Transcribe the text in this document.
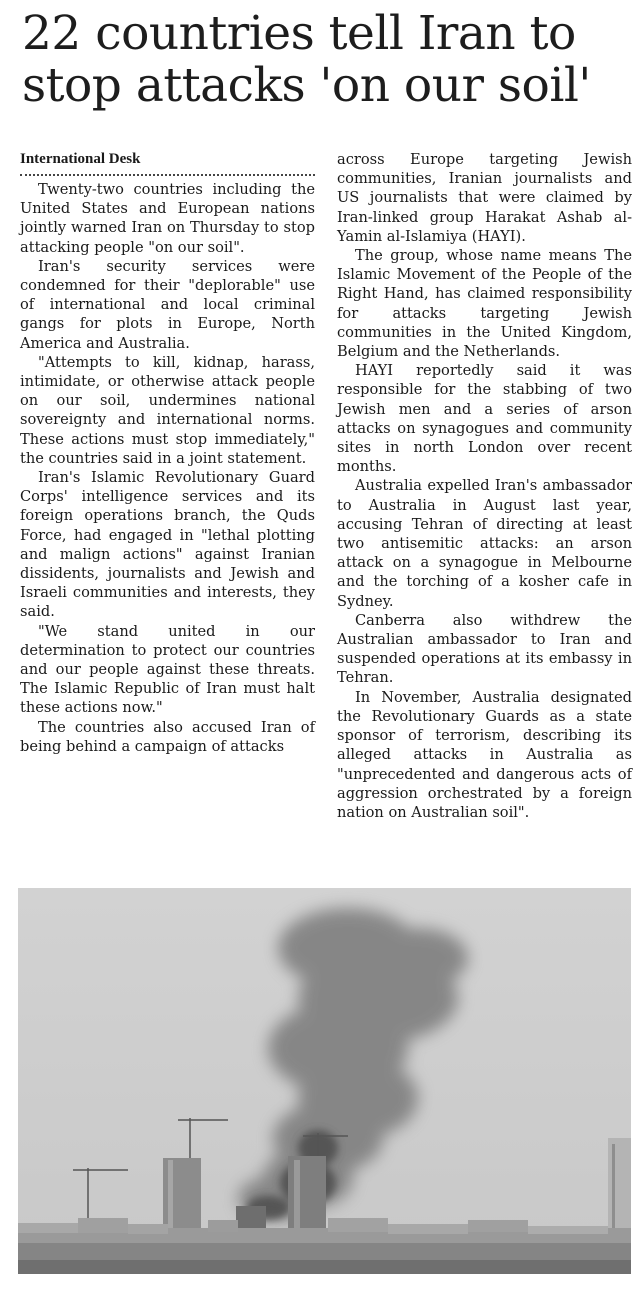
22 countries tell Iran to stop attacks 'on our soil'
International Desk

Twenty-two countries including the United States and European nations jointly warned Iran on Thursday to stop attacking people "on our soil".

Iran's security services were condemned for their "deplorable" use of international and local criminal gangs for plots in Europe, North America and Australia.

"Attempts to kill, kidnap, harass, intimidate, or otherwise attack people on our soil, undermines national sovereignty and international norms. These actions must stop immediately," the countries said in a joint statement.

Iran's Islamic Revolutionary Guard Corps' intelligence services and its foreign operations branch, the Quds Force, had engaged in "lethal plotting and malign actions" against Iranian dissidents, journalists and Jewish and Israeli communities and interests, they said.

"We stand united in our determination to protect our countries and our people against these threats. The Islamic Republic of Iran must halt these actions now."

The countries also accused Iran of being behind a campaign of attacks

across Europe targeting Jewish communities, Iranian journalists and US journalists that were claimed by Iran-linked group Harakat Ashab al-Yamin al-Islamiya (HAYI).

The group, whose name means The Islamic Movement of the People of the Right Hand, has claimed responsibility for attacks targeting Jewish communities in the United Kingdom, Belgium and the Netherlands.

HAYI reportedly said it was responsible for the stabbing of two Jewish men and a series of arson attacks on synagogues and community sites in north London over recent months.

Australia expelled Iran's ambassador to Australia in August last year, accusing Tehran of directing at least two antisemitic attacks: an arson attack on a synagogue in Melbourne and the torching of a kosher cafe in Sydney.

Canberra also withdrew the Australian ambassador to Iran and suspended operations at its embassy in Tehran.

In November, Australia designated the Revolutionary Guards as a state sponsor of terrorism, describing its alleged attacks in Australia as "unprecedented and dangerous acts of aggression orchestrated by a foreign nation on Australian soil".
